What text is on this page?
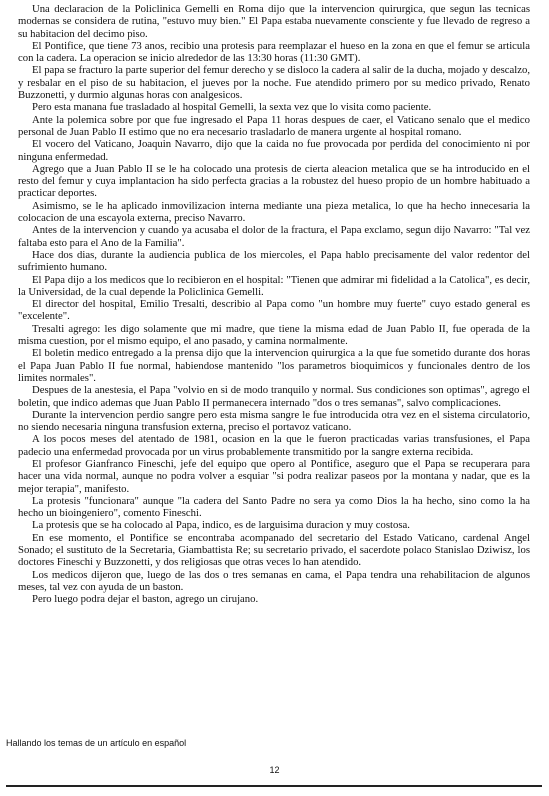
Una declaracion de la Policlinica Gemelli en Roma dijo que la intervencion quirurgica, que segun las tecnicas modernas se considera de rutina, "estuvo muy bien." El Papa estaba nuevamente consciente y fue llevado de regreso a su habitacion del decimo piso.

El Pontifice, que tiene 73 anos, recibio una protesis para reemplazar el hueso en la zona en que el femur se articula con la cadera. La operacion se inicio alrededor de las 13:30 horas (11:30 GMT).

El papa se fracturo la parte superior del femur derecho y se disloco la cadera al salir de la ducha, mojado y descalzo, y resbalar en el piso de su habitacion, el jueves por la noche. Fue atendido primero por su medico privado, Renato Buzzonetti, y durmio algunas horas con analgesicos.

Pero esta manana fue trasladado al hospital Gemelli, la sexta vez que lo visita como paciente.

Ante la polemica sobre por que fue ingresado el Papa 11 horas despues de caer, el Vaticano senalo que el medico personal de Juan Pablo II estimo que no era necesario trasladarlo de manera urgente al hospital romano.

El vocero del Vaticano, Joaquin Navarro, dijo que la caida no fue provocada por perdida del conocimiento ni por ninguna enfermedad.

Agrego que a Juan Pablo II se le ha colocado una protesis de cierta aleacion metalica que se ha introducido en el resto del femur y cuya implantacion ha sido perfecta gracias a la robustez del hueso propio de un hombre habituado a practicar deportes.

Asimismo, se le ha aplicado inmovilizacion interna mediante una pieza metalica, lo que ha hecho innecesaria la colocacion de una escayola externa, preciso Navarro.

Antes de la intervencion y cuando ya acusaba el dolor de la fractura, el Papa exclamo, segun dijo Navarro: "Tal vez faltaba esto para el Ano de la Familia".

Hace dos dias, durante la audiencia publica de los miercoles, el Papa hablo precisamente del valor redentor del sufrimiento humano.

El Papa dijo a los medicos que lo recibieron en el hospital: "Tienen que admirar mi fidelidad a la Catolica", es decir, la Universidad, de la cual depende la Policlinica Gemelli.

El director del hospital, Emilio Tresalti, describio al Papa como "un hombre muy fuerte" cuyo estado general es "excelente".

Tresalti agrego: les digo solamente que mi madre, que tiene la misma edad de Juan Pablo II, fue operada de la misma cuestion, por el mismo equipo, el ano pasado, y camina normalmente.

El boletin medico entregado a la prensa dijo que la intervencion quirurgica a la que fue sometido durante dos horas el Papa Juan Pablo II fue normal, habiendose mantenido "los parametros bioquimicos y funcionales dentro de los limites normales".

Despues de la anestesia, el Papa "volvio en si de modo tranquilo y normal. Sus condiciones son optimas", agrego el boletin, que indico ademas que Juan Pablo II permanecera internado "dos o tres semanas", salvo complicaciones.

Durante la intervencion perdio sangre pero esta misma sangre le fue introducida otra vez en el sistema circulatorio, no siendo necesaria ninguna transfusion externa, preciso el portavoz vaticano.

A los pocos meses del atentado de 1981, ocasion en la que le fueron practicadas varias transfusiones, el Papa padecio una enfermedad provocada por un virus probablemente transmitido por la sangre externa recibida.

El profesor Gianfranco Fineschi, jefe del equipo que opero al Pontifice, aseguro que el Papa se recuperara para hacer una vida normal, aunque no podra volver a esquiar "si podra realizar paseos por la montana y nadar, que es la mejor terapia", manifesto.

La protesis "funcionara" aunque "la cadera del Santo Padre no sera ya como Dios la ha hecho, sino como la ha hecho un bioingeniero", comento Fineschi.

La protesis que se ha colocado al Papa, indico, es de larguisima duracion y muy costosa.

En ese momento, el Pontifice se encontraba acompanado del secretario del Estado Vaticano, cardenal Angel Sonado; el sustituto de la Secretaria, Giambattista Re; su secretario privado, el sacerdote polaco Stanislao Dziwisz, los doctores Fineschi y Buzzonetti, y dos religiosas que otras veces lo han atendido.

Los medicos dijeron que, luego de las dos o tres semanas en cama, el Papa tendra una rehabilitacion de algunos meses, tal vez con ayuda de un baston.

Pero luego podra dejar el baston, agrego un cirujano.

Hallando los temas de un artículo en español
12
